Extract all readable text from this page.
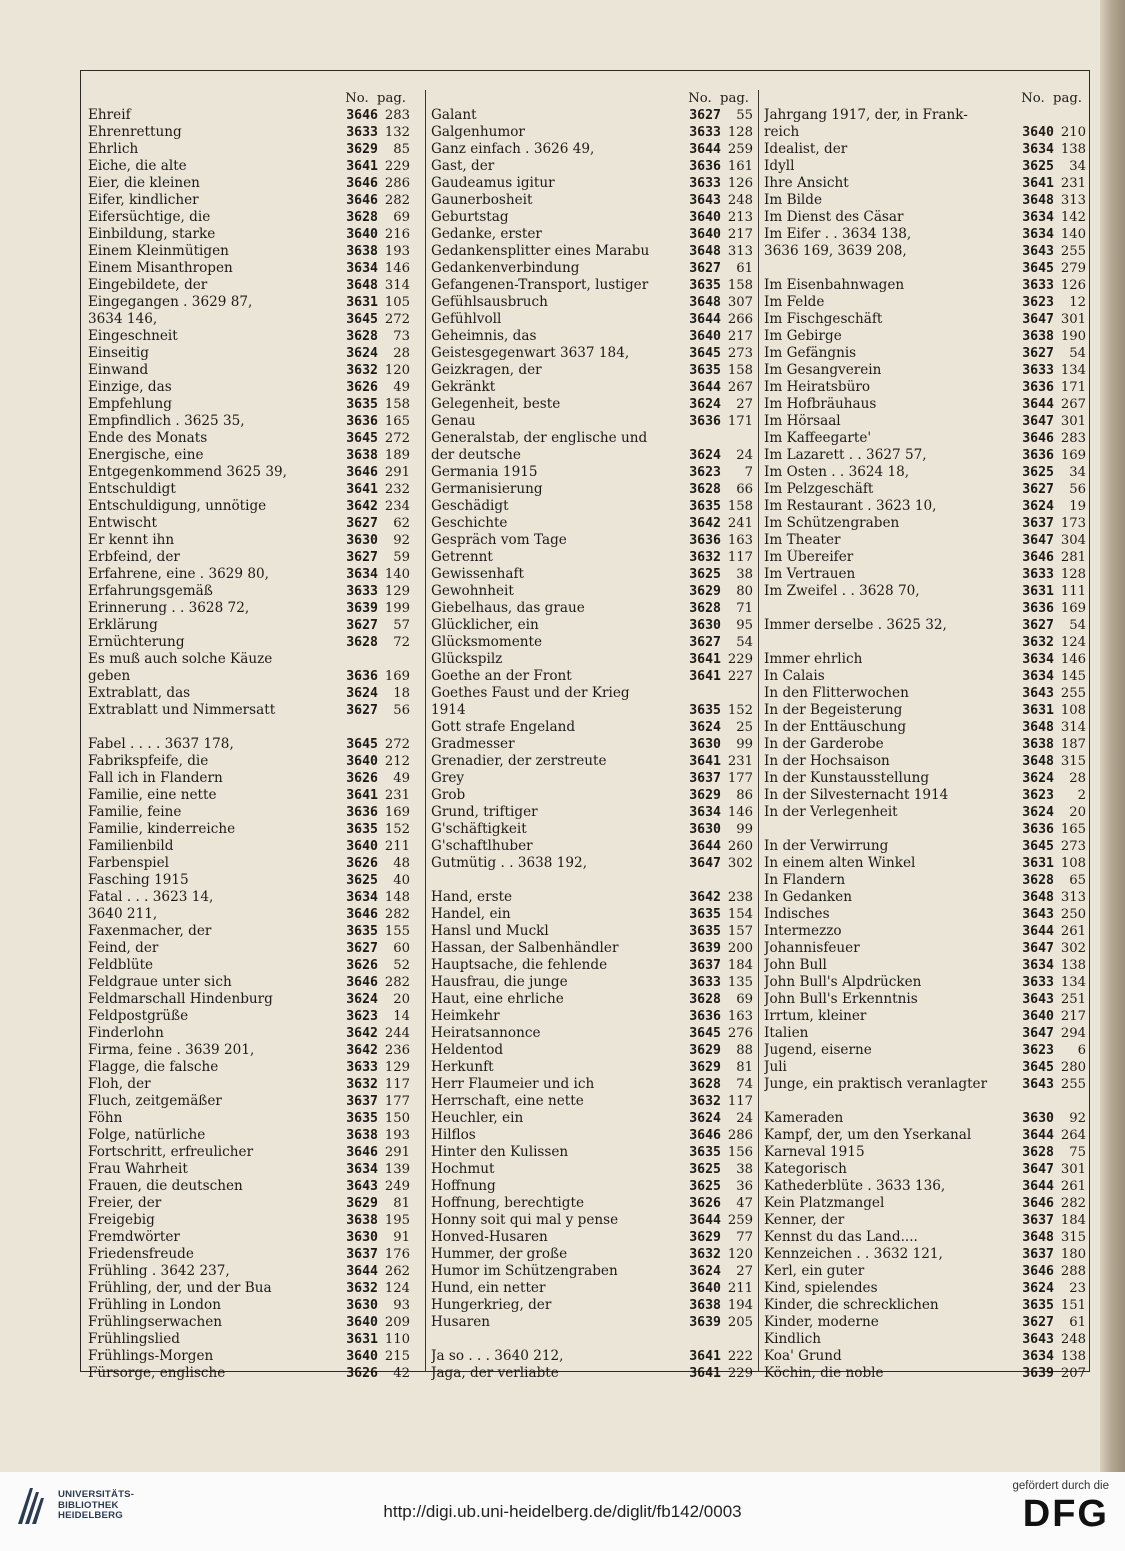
No. pag.
Ehreif	3646 283
Ehrenrettung	3633 132
Ehrlich	3629	85
Eiche, die alte	3641 229
Eier, die kleinen	3646 286
Eifer, kindlicher	3646 282
Eifersüchtige, die	3628	69
Einbildung, starke	3640 216
Einem Kleinmütigen	3638 193
Einem Misanthropen	3634 146
Eingebildete, der	3648 314
Eingegangen . 3629 87,	3631 105
3634 146,	3645 272
Eingeschneit	3628	73
Einseitig	3624	28
Einwand	3632 120
Einzige, das	3626	49
Empfehlung	3635 158
Empfindlich . 3625 35,	3636 165
Ende des Monats	3645 272
Energische, eine	3638 189
Entgegenkommend 3625 39,	3646 291
Entschuldigt	3641 232
Entschuldigung, unnötige	3642 234
Entwischt	3627	62
Er kennt ihn	3630	92
Erbfeind, der	3627	59
Erfahrene, eine . 3629 80,	3634 140
Erfahrungsgemäß	3633 129
Erinnerung . . 3628 72,	3639 199
Erklärung	3627	57
Ernüchterung	3628	72
Es muß auch solche Käuze
geben	3636 169
Extrablatt, das	3624	18
Extrablatt und Nimmersatt	3627	56
Fabel . . . . 3637 178,	3645 272
Fabrikspfeife, die	3640 212
Fall ich in Flandern	3626	49
Familie, eine nette	3641 231
Familie, feine	3636 169
Familie, kinderreiche	3635 152
Familienbild	3640 211
Farbenspiel	3626	48
Fasching 1915	3625	40
Fatal . . . 3623 14,	3634 148
3640 211,	3646 282
Faxenmacher, der	3635 155
Feind, der	3627	60
Feldblüte	3626	52
Feldgraue unter sich	3646 282
Feldmarschall Hindenburg	3624	20
Feldpostgrüße	3623	14
Finderlohn	3642 244
Firma, feine . 3639 201,	3642 236
Flagge, die falsche	3633 129
Floh, der	3632 117
Fluch, zeitgemäßer	3637 177
Föhn	3635 150
Folge, natürliche	3638 193
Fortschritt, erfreulicher	3646 291
Frau Wahrheit	3634 139
Frauen, die deutschen	3643 249
Freier, der	3629	81
Freigebig	3638 195
Fremdwörter	3630	91
Friedensfreude	3637 176
Frühling . 3642 237,	3644 262
Frühling, der, und der Bua	3632 124
Frühling in London	3630	93
Frühlingserwachen	3640 209
Frühlingslied	3631 110
Frühlings-Morgen	3640 215
Fürsorge, englische	3626	42
No. pag.
Galant	3627	55
Galgenhumor	3633 128
Ganz einfach . 3626 49,	3644 259
Gast, der	3636 161
Gaudeamus igitur	3633 126
Gaunerbosheit	3643 248
Geburtstag	3640 213
Gedanke, erster	3640 217
Gedankensplitter eines Marabu	3648 313
Gedankenverbindung	3627	61
Gefangenen-Transport, lustiger	3635 158
Gefühlsausbruch	3648 307
Gefühlvoll	3644 266
Geheimnis, das	3640 217
Geistesgegenwart 3637 184,	3645 273
Geizkragen, der	3635 158
Gekränkt	3644 267
Gelegenheit, beste	3624	27
Genau	3636 171
Generalstab, der englische und
der deutsche	3624	24
Germania 1915	3623	7
Germanisierung	3628	66
Geschädigt	3635 158
Geschichte	3642 241
Gespräch vom Tage	3636 163
Getrennt	3632 117
Gewissenhaft	3625	38
Gewohnheit	3629	80
Giebelhaus, das graue	3628	71
Glücklicher, ein	3630	95
Glücksmomente	3627	54
Glückspilz	3641 229
Goethe an der Front	3641 227
Goethes Faust und der Krieg
1914	3635 152
Gott strafe Engeland	3624	25
Gradmesser	3630	99
Grenadier, der zerstreute	3641 231
Grey	3637 177
Grob	3629	86
Grund, triftiger	3634 146
G'schäftigkeit	3630	99
G'schaftlhuber	3644 260
Gutmütig . . 3638 192,	3647 302
Hand, erste	3642 238
Handel, ein	3635 154
Hansl und Muckl	3635 157
Hassan, der Salbenhändler	3639 200
Hauptsache, die fehlende	3637 184
Hausfrau, die junge	3633 135
Haut, eine ehrliche	3628	69
Heimkehr	3636 163
Heiratsannonce	3645 276
Heldentod	3629	88
Herkunft	3629	81
Herr Flaumeier und ich	3628	74
Herrschaft, eine nette	3632 117
Heuchler, ein	3624	24
Hilflos	3646 286
Hinter den Kulissen	3635 156
Hochmut	3625	38
Hoffnung	3625	36
Hoffnung, berechtigte	3626	47
Honny soit qui mal y pense	3644 259
Honved-Husaren	3629	77
Hummer, der große	3632 120
Humor im Schützengraben	3624	27
Hund, ein netter	3640 211
Hungerkrieg, der	3638 194
Husaren	3639 205
Ja so . . . 3640 212,	3641 222
Jaga, der verliabte	3641 229
No. pag.
Jahrgang 1917, der, in Frank-
reich	3640 210
Idealist, der	3634 138
Idyll	3625	34
Ihre Ansicht	3641 231
Im Bilde	3648 313
Im Dienst des Cäsar	3634 142
Im Eifer . . 3634 138,	3634 140
3636 169, 3639 208,	3643 255
3645 279
Im Eisenbahnwagen	3633 126
Im Felde	3623	12
Im Fischgeschäft	3647 301
Im Gebirge	3638 190
Im Gefängnis	3627	54
Im Gesangverein	3633 134
Im Heiratsbüro	3636 171
Im Hofbräuhaus	3644 267
Im Hörsaal	3647 301
Im Kaffeegarte'	3646 283
Im Lazarett . . 3627 57,	3636 169
Im Osten . . 3624 18,	3625	34
Im Pelzgeschäft	3627	56
Im Restaurant . 3623 10,	3624	19
Im Schützengraben	3637 173
Im Theater	3647 304
Im Übereifer	3646 281
Im Vertrauen	3633 128
Im Zweifel . . 3628 70,	3631 111
3636 169
Immer derselbe . 3625 32,	3627	54
3632 124
Immer ehrlich	3634 146
In Calais	3634 145
In den Flitterwochen	3643 255
In der Begeisterung	3631 108
In der Enttäuschung	3648 314
In der Garderobe	3638 187
In der Hochsaison	3648 315
In der Kunstausstellung	3624	28
In der Silvesternacht 1914	3623	2
In der Verlegenheit	3624	20
3636 165
In der Verwirrung	3645 273
In einem alten Winkel	3631 108
In Flandern	3628	65
In Gedanken	3648 313
Indisches	3643 250
Intermezzo	3644 261
Johannisfeuer	3647 302
John Bull	3634 138
John Bull's Alpdrücken	3633 134
John Bull's Erkenntnis	3643 251
Irrtum, kleiner	3640 217
Italien	3647 294
Jugend, eiserne	3623	6
Juli	3645 280
Junge, ein praktisch veranlagter	3643 255
Kameraden	3630	92
Kampf, der, um den Yserkanal	3644 264
Karneval 1915	3628	75
Kategorisch	3647 301
Kathederblüte . 3633 136,	3644 261
Kein Platzmangel	3646 282
Kenner, der	3637 184
Kennst du das Land....	3648 315
Kennzeichen . . 3632 121,	3637 180
Kerl, ein guter	3646 288
Kind, spielendes	3624	23
Kinder, die schrecklichen	3635 151
Kinder, moderne	3627	61
Kindlich	3643 248
Koa' Grund	3634 138
Köchin, die noble	3639 207
UNIVERSITÄTS-
BIBLIOTHEK
HEIDELBERG	http://digi.ub.uni-heidelberg.de/diglit/fb142/0003
gefördert durch die
DFG
